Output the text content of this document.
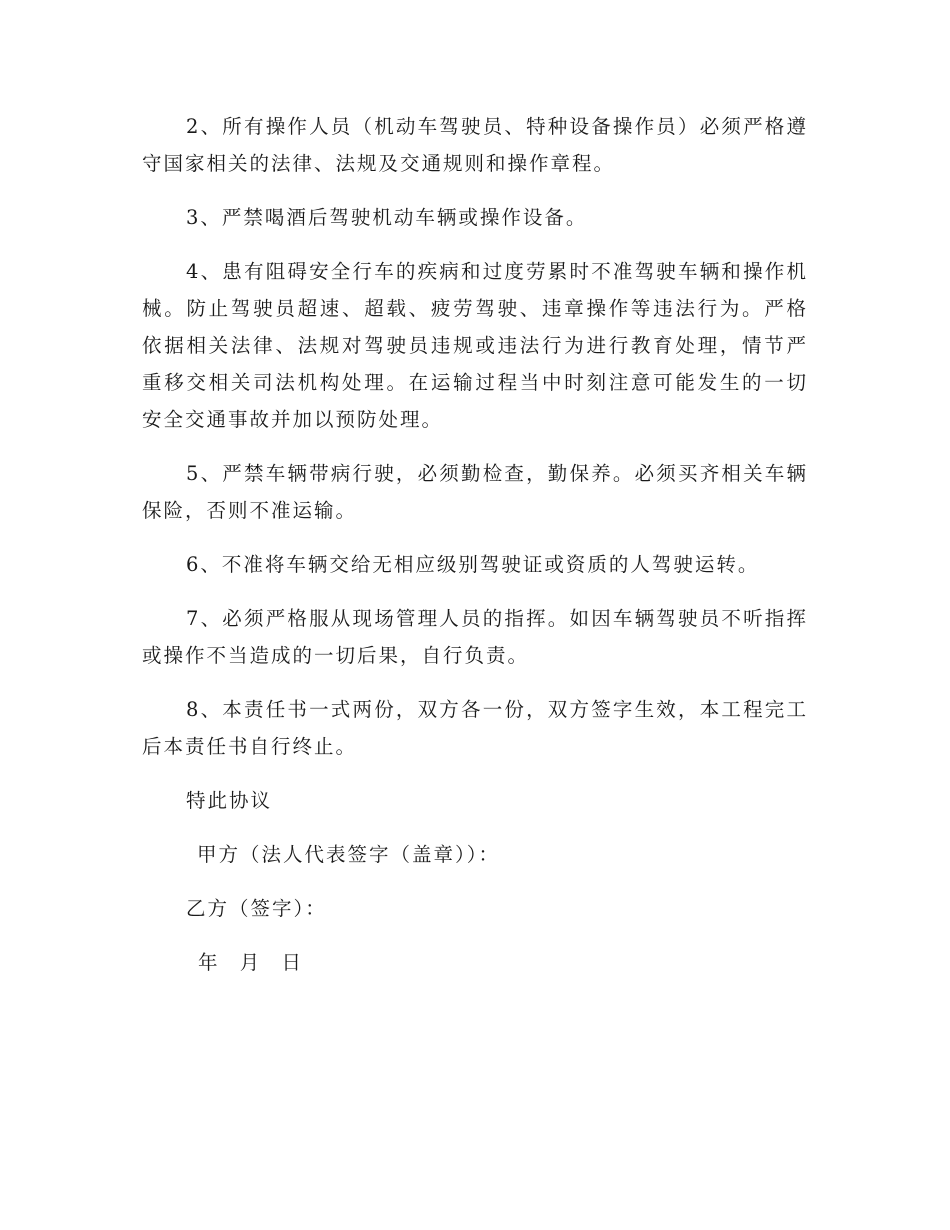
2、所有操作人员（机动车驾驶员、特种设备操作员）必须严格遵守国家相关的法律、法规及交通规则和操作章程。

3、严禁喝酒后驾驶机动车辆或操作设备。

4、患有阻碍安全行车的疾病和过度劳累时不准驾驶车辆和操作机械。防止驾驶员超速、超载、疲劳驾驶、违章操作等违法行为。严格依据相关法律、法规对驾驶员违规或违法行为进行教育处理，情节严重移交相关司法机构处理。在运输过程当中时刻注意可能发生的一切安全交通事故并加以预防处理。

5、严禁车辆带病行驶，必须勤检查，勤保养。必须买齐相关车辆保险，否则不准运输。

6、不准将车辆交给无相应级别驾驶证或资质的人驾驶运转。

7、必须严格服从现场管理人员的指挥。如因车辆驾驶员不听指挥或操作不当造成的一切后果，自行负责。

8、本责任书一式两份，双方各一份，双方签字生效，本工程完工后本责任书自行终止。

特此协议
甲方（法人代表签字（盖章））：
乙方（签字）：
年 月 日
